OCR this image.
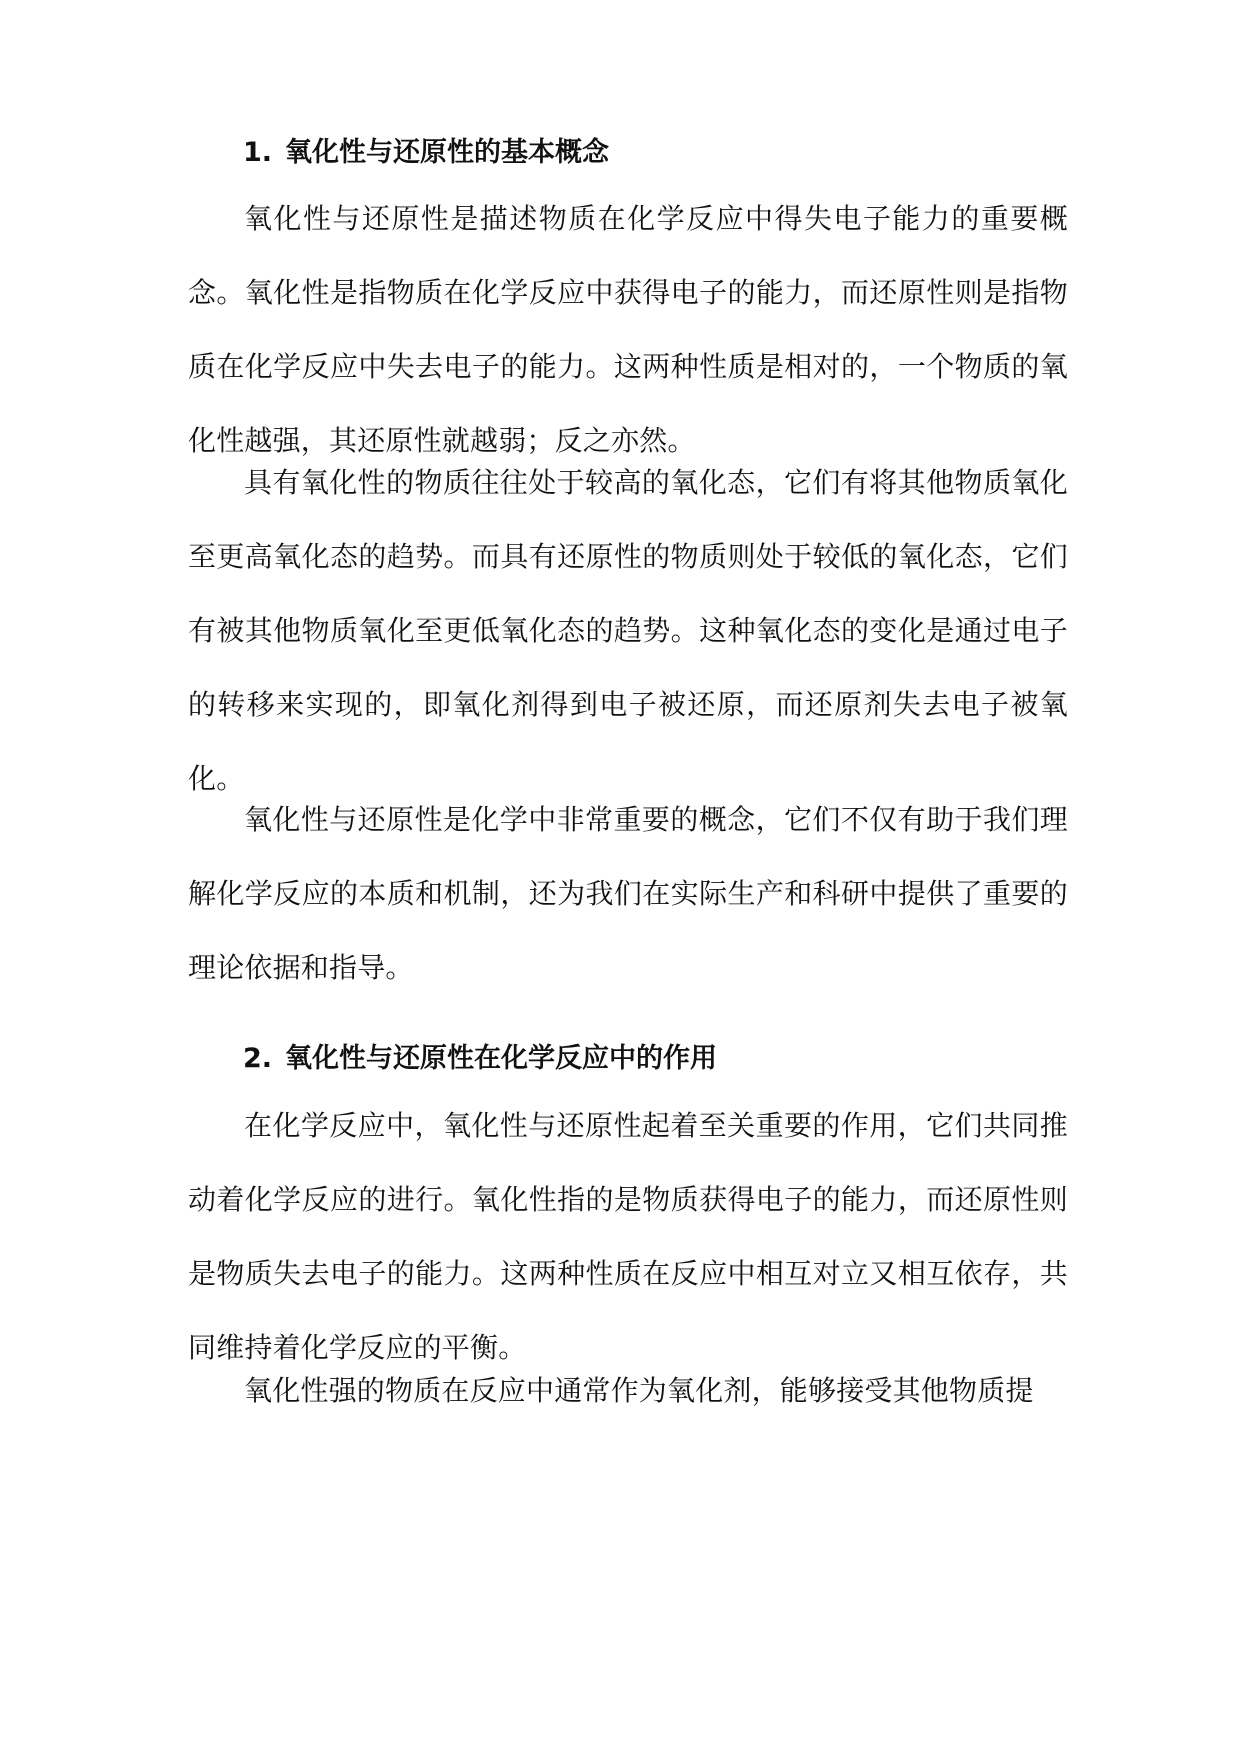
1. 氧化性与还原性的基本概念

氧化性与还原性是描述物质在化学反应中得失电子能力的重要概念。氧化性是指物质在化学反应中获得电子的能力，而还原性则是指物质在化学反应中失去电子的能力。这两种性质是相对的，一个物质的氧化性越强，其还原性就越弱；反之亦然。

具有氧化性的物质往往处于较高的氧化态，它们有将其他物质氧化至更高氧化态的趋势。而具有还原性的物质则处于较低的氧化态，它们有被其他物质氧化至更低氧化态的趋势。这种氧化态的变化是通过电子的转移来实现的，即氧化剂得到电子被还原，而还原剂失去电子被氧化。

氧化性与还原性是化学中非常重要的概念，它们不仅有助于我们理解化学反应的本质和机制，还为我们在实际生产和科研中提供了重要的理论依据和指导。

2. 氧化性与还原性在化学反应中的作用

在化学反应中，氧化性与还原性起着至关重要的作用，它们共同推动着化学反应的进行。氧化性指的是物质获得电子的能力，而还原性则是物质失去电子的能力。这两种性质在反应中相互对立又相互依存，共同维持着化学反应的平衡。

氧化性强的物质在反应中通常作为氧化剂，能够接受其他物质提
